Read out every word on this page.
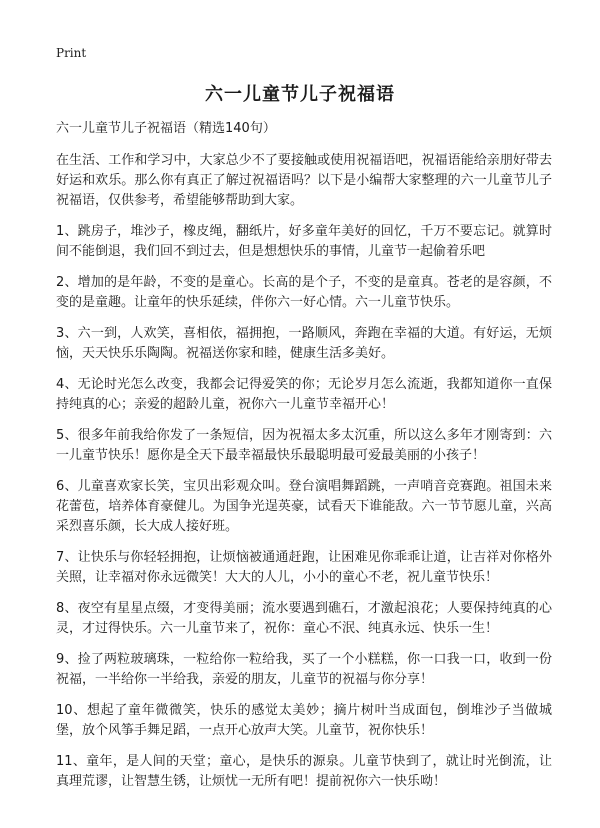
Print
六一儿童节儿子祝福语

六一儿童节儿子祝福语（精选140句）

在生活、工作和学习中，大家总少不了要接触或使用祝福语吧，祝福语能给亲朋好带去好运和欢乐。那么你有真正了解过祝福语吗？以下是小编帮大家整理的六一儿童节儿子祝福语，仅供参考，希望能够帮助到大家。

1、跳房子，堆沙子，橡皮绳，翻纸片，好多童年美好的回忆，千万不要忘记。就算时间不能倒退，我们回不到过去，但是想想快乐的事情，儿童节一起偷着乐吧

2、增加的是年龄，不变的是童心。长高的是个子，不变的是童真。苍老的是容颜，不变的是童趣。让童年的快乐延续，伴你六一好心情。六一儿童节快乐。

3、六一到，人欢笑，喜相依，福拥抱，一路顺风，奔跑在幸福的大道。有好运，无烦恼，天天快乐乐陶陶。祝福送你家和睦，健康生活多美好。

4、无论时光怎么改变，我都会记得爱笑的你；无论岁月怎么流逝，我都知道你一直保持纯真的心；亲爱的超龄儿童，祝你六一儿童节幸福开心！

5、很多年前我给你发了一条短信，因为祝福太多太沉重，所以这么多年才刚寄到：六一儿童节快乐！愿你是全天下最幸福最快乐最聪明最可爱最美丽的小孩子！

6、儿童喜欢家长笑，宝贝出彩观众叫。登台演唱舞蹈跳，一声哨音竞赛跑。祖国未来花蕾苞，培养体育豪健儿。为国争光逞英豪，试看天下谁能敌。六一节节愿儿童，兴高采烈喜乐颜，长大成人接好班。

7、让快乐与你轻轻拥抱，让烦恼被通通赶跑，让困难见你乖乖让道，让吉祥对你格外关照，让幸福对你永远微笑！大大的人儿，小小的童心不老，祝儿童节快乐！

8、夜空有星星点缀，才变得美丽；流水要遇到礁石，才激起浪花；人要保持纯真的心灵，才过得快乐。六一儿童节来了，祝你：童心不泯、纯真永远、快乐一生！

9、捡了两粒玻璃珠，一粒给你一粒给我，买了一个小糕糕，你一口我一口，收到一份祝福，一半给你一半给我，亲爱的朋友，儿童节的祝福与你分享！

10、想起了童年微微笑，快乐的感觉太美妙；摘片树叶当成面包，倒堆沙子当做城堡，放个风筝手舞足蹈，一点开心放声大笑。儿童节，祝你快乐！

11、童年，是人间的天堂；童心，是快乐的源泉。儿童节快到了，就让时光倒流，让真理荒谬，让智慧生锈，让烦忧一无所有吧！提前祝你六一快乐呦！
